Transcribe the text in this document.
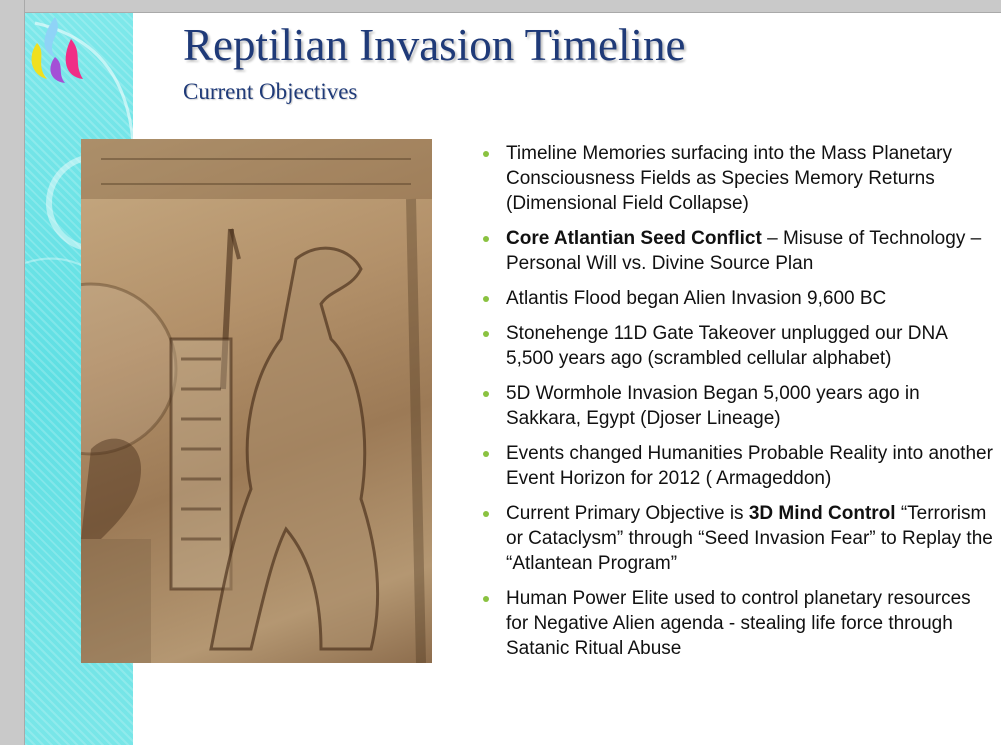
Reptilian Invasion Timeline
Current Objectives
Timeline Memories surfacing into the Mass Planetary Consciousness Fields as Species Memory Returns (Dimensional Field Collapse)
Core Atlantian Seed Conflict – Misuse of Technology – Personal Will vs. Divine Source Plan
Atlantis Flood began Alien Invasion 9,600 BC
Stonehenge 11D Gate Takeover unplugged our DNA 5,500 years ago (scrambled cellular alphabet)
5D Wormhole Invasion Began 5,000 years ago in Sakkara, Egypt (Djoser Lineage)
Events changed Humanities Probable Reality into another Event Horizon for 2012 ( Armageddon)
Current Primary Objective is 3D Mind Control “Terrorism or Cataclysm” through “Seed Invasion Fear” to Replay the “Atlantean Program”
Human Power Elite used to control planetary resources for Negative Alien agenda - stealing life force through Satanic Ritual Abuse
